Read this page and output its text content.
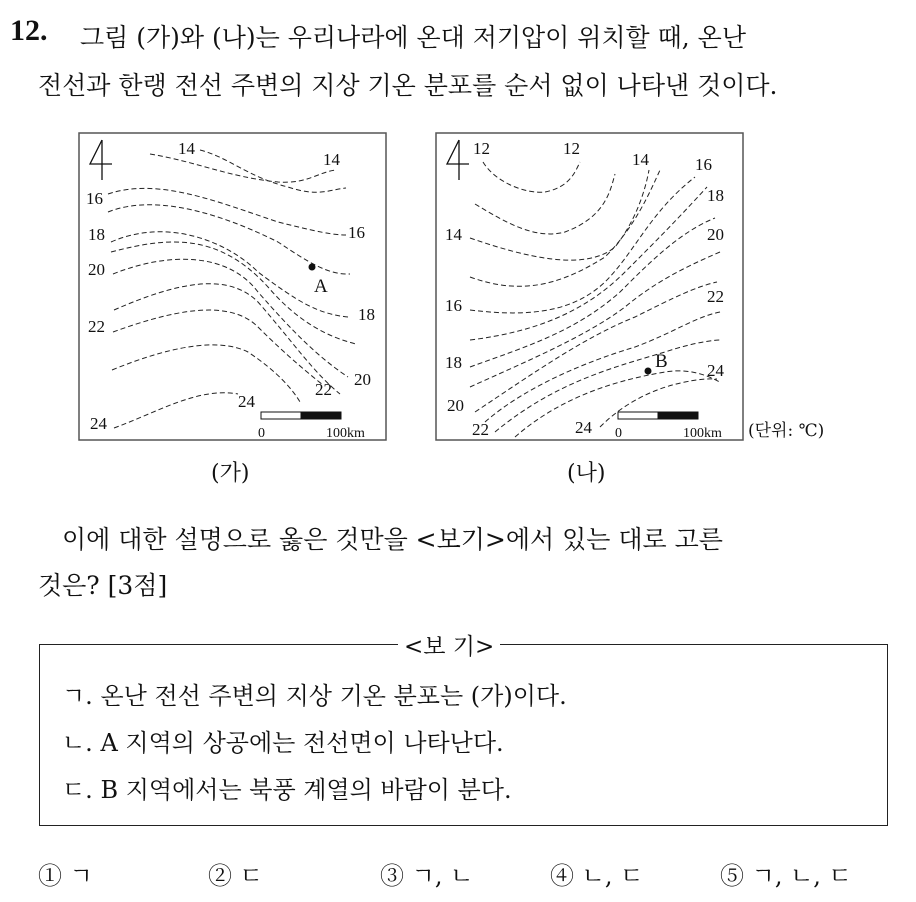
12. 그림 (가)와 (나)는 우리나라에 온대 저기압이 위치할 때, 온난
전선과 한랭 전선 주변의 지상 기온 분포를 순서 없이 나타낸 것이다.
14
14
16
16
18
18
20
20
22
22
24
24
A
0	100km
(가)
12	12
14
14
16
16
18
18
20
20
22
22
24
24
B
0	100km (단위: ℃)
(나)
이에 대한 설명으로 옳은 것만을 <보기>에서 있는 대로 고른
것은? [3점]
<보 기>
ㄱ. 온난 전선 주변의 지상 기온 분포는 (가)이다.
ㄴ. A 지역의 상공에는 전선면이 나타난다.
ㄷ. B 지역에서는 북풍 계열의 바람이 분다.
① ㄱ	② ㄷ	③ ㄱ, ㄴ	④ ㄴ, ㄷ	⑤ ㄱ, ㄴ, ㄷ
